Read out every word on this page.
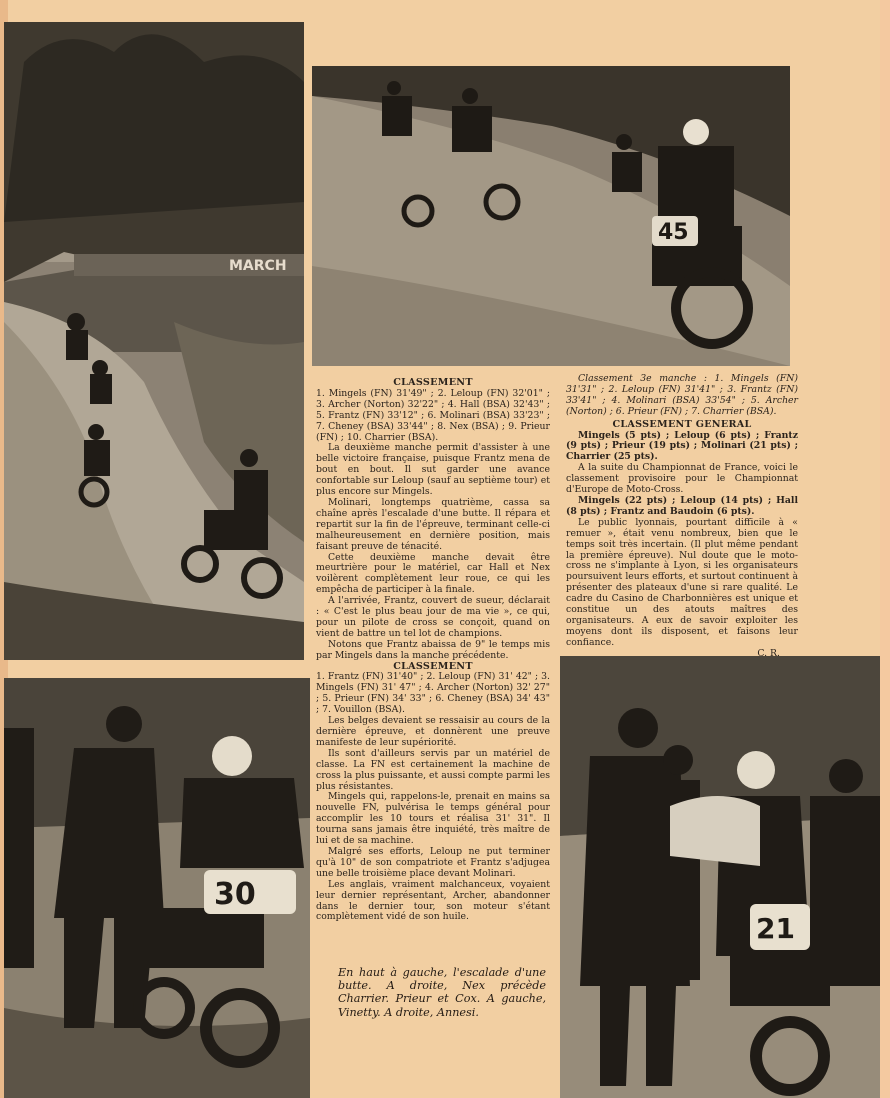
MARCH
45
30
21

CLASSEMENT

1. Mingels (FN) 31'49" ; 2. Leloup (FN) 32'01" ; 3. Archer (Norton) 32'22" ; 4. Hall (BSA) 32'43" ; 5. Frantz (FN) 33'12" ; 6. Molinari (BSA) 33'23" ; 7. Cheney (BSA) 33'44" ; 8. Nex (BSA) ; 9. Prieur (FN) ; 10. Charrier (BSA).

La deuxième manche permit d'assister à une belle victoire française, puisque Frantz mena de bout en bout. Il sut garder une avance confortable sur Leloup (sauf au septième tour) et plus encore sur Mingels.

Molinari, longtemps quatrième, cassa sa chaîne après l'escalade d'une butte. Il répara et repartit sur la fin de l'épreuve, terminant celle-ci malheureusement en dernière position, mais faisant preuve de ténacité.

Cette deuxième manche devait être meurtrière pour le matériel, car Hall et Nex voilèrent complètement leur roue, ce qui les empêcha de participer à la finale.

A l'arrivée, Frantz, couvert de sueur, déclarait : « C'est le plus beau jour de ma vie », ce qui, pour un pilote de cross se conçoit, quand on vient de battre un tel lot de champions.

Notons que Frantz abaissa de 9" le temps mis par Mingels dans la manche précédente.

CLASSEMENT

1. Frantz (FN) 31'40" ; 2. Leloup (FN) 31' 42" ; 3. Mingels (FN) 31' 47" ; 4. Archer (Norton) 32' 27" ; 5. Prieur (FN) 34' 33" ; 6. Cheney (BSA) 34' 43" ; 7. Vouillon (BSA).

Les belges devaient se ressaisir au cours de la dernière épreuve, et donnèrent une preuve manifeste de leur supériorité.

Ils sont d'ailleurs servis par un matériel de classe. La FN est certainement la machine de cross la plus puissante, et aussi compte parmi les plus résistantes.

Mingels qui, rappelons-le, prenait en mains sa nouvelle FN, pulvérisa le temps général pour accomplir les 10 tours et réalisa 31' 31". Il tourna sans jamais être inquiété, très maître de lui et de sa machine.

Malgré ses efforts, Leloup ne put terminer qu'à 10" de son compatriote et Frantz s'adjugea une belle troisième place devant Molinari.

Les anglais, vraiment malchanceux, voyaient leur dernier représentant, Archer, abandonner dans le dernier tour, son moteur s'étant complètement vidé de son huile.

Classement 3e manche : 1. Mingels (FN) 31'31" ; 2. Leloup (FN) 31'41" ; 3. Frantz (FN) 33'41" ; 4. Molinari (BSA) 33'54" ; 5. Archer (Norton) ; 6. Prieur (FN) ; 7. Charrier (BSA).

CLASSEMENT GENERAL

Mingels (5 pts) ; Leloup (6 pts) ; Frantz (9 pts) ; Prieur (19 pts) ; Molinari (21 pts) ; Charrier (25 pts).

A la suite du Championnat de France, voici le classement provisoire pour le Championnat d'Europe de Moto-Cross.

Mingels (22 pts) ; Leloup (14 pts) ; Hall (8 pts) ; Frantz and Baudoin (6 pts).

Le public lyonnais, pourtant difficile à « remuer », était venu nombreux, bien que le temps soit très incertain. (Il plut même pendant la première épreuve). Nul doute que le moto-cross ne s'implante à Lyon, si les organisateurs poursuivent leurs efforts, et surtout continuent à présenter des plateaux d'une si rare qualité. Le cadre du Casino de Charbonnières est unique et constitue un des atouts maîtres des organisateurs. A eux de savoir exploiter les moyens dont ils disposent, et faisons leur confiance.

C. R.

En haut à gauche, l'escalade d'une butte. A droite, Nex précède Charrier. Prieur et Cox. A gauche, Vinetty. A droite, Annesi.
